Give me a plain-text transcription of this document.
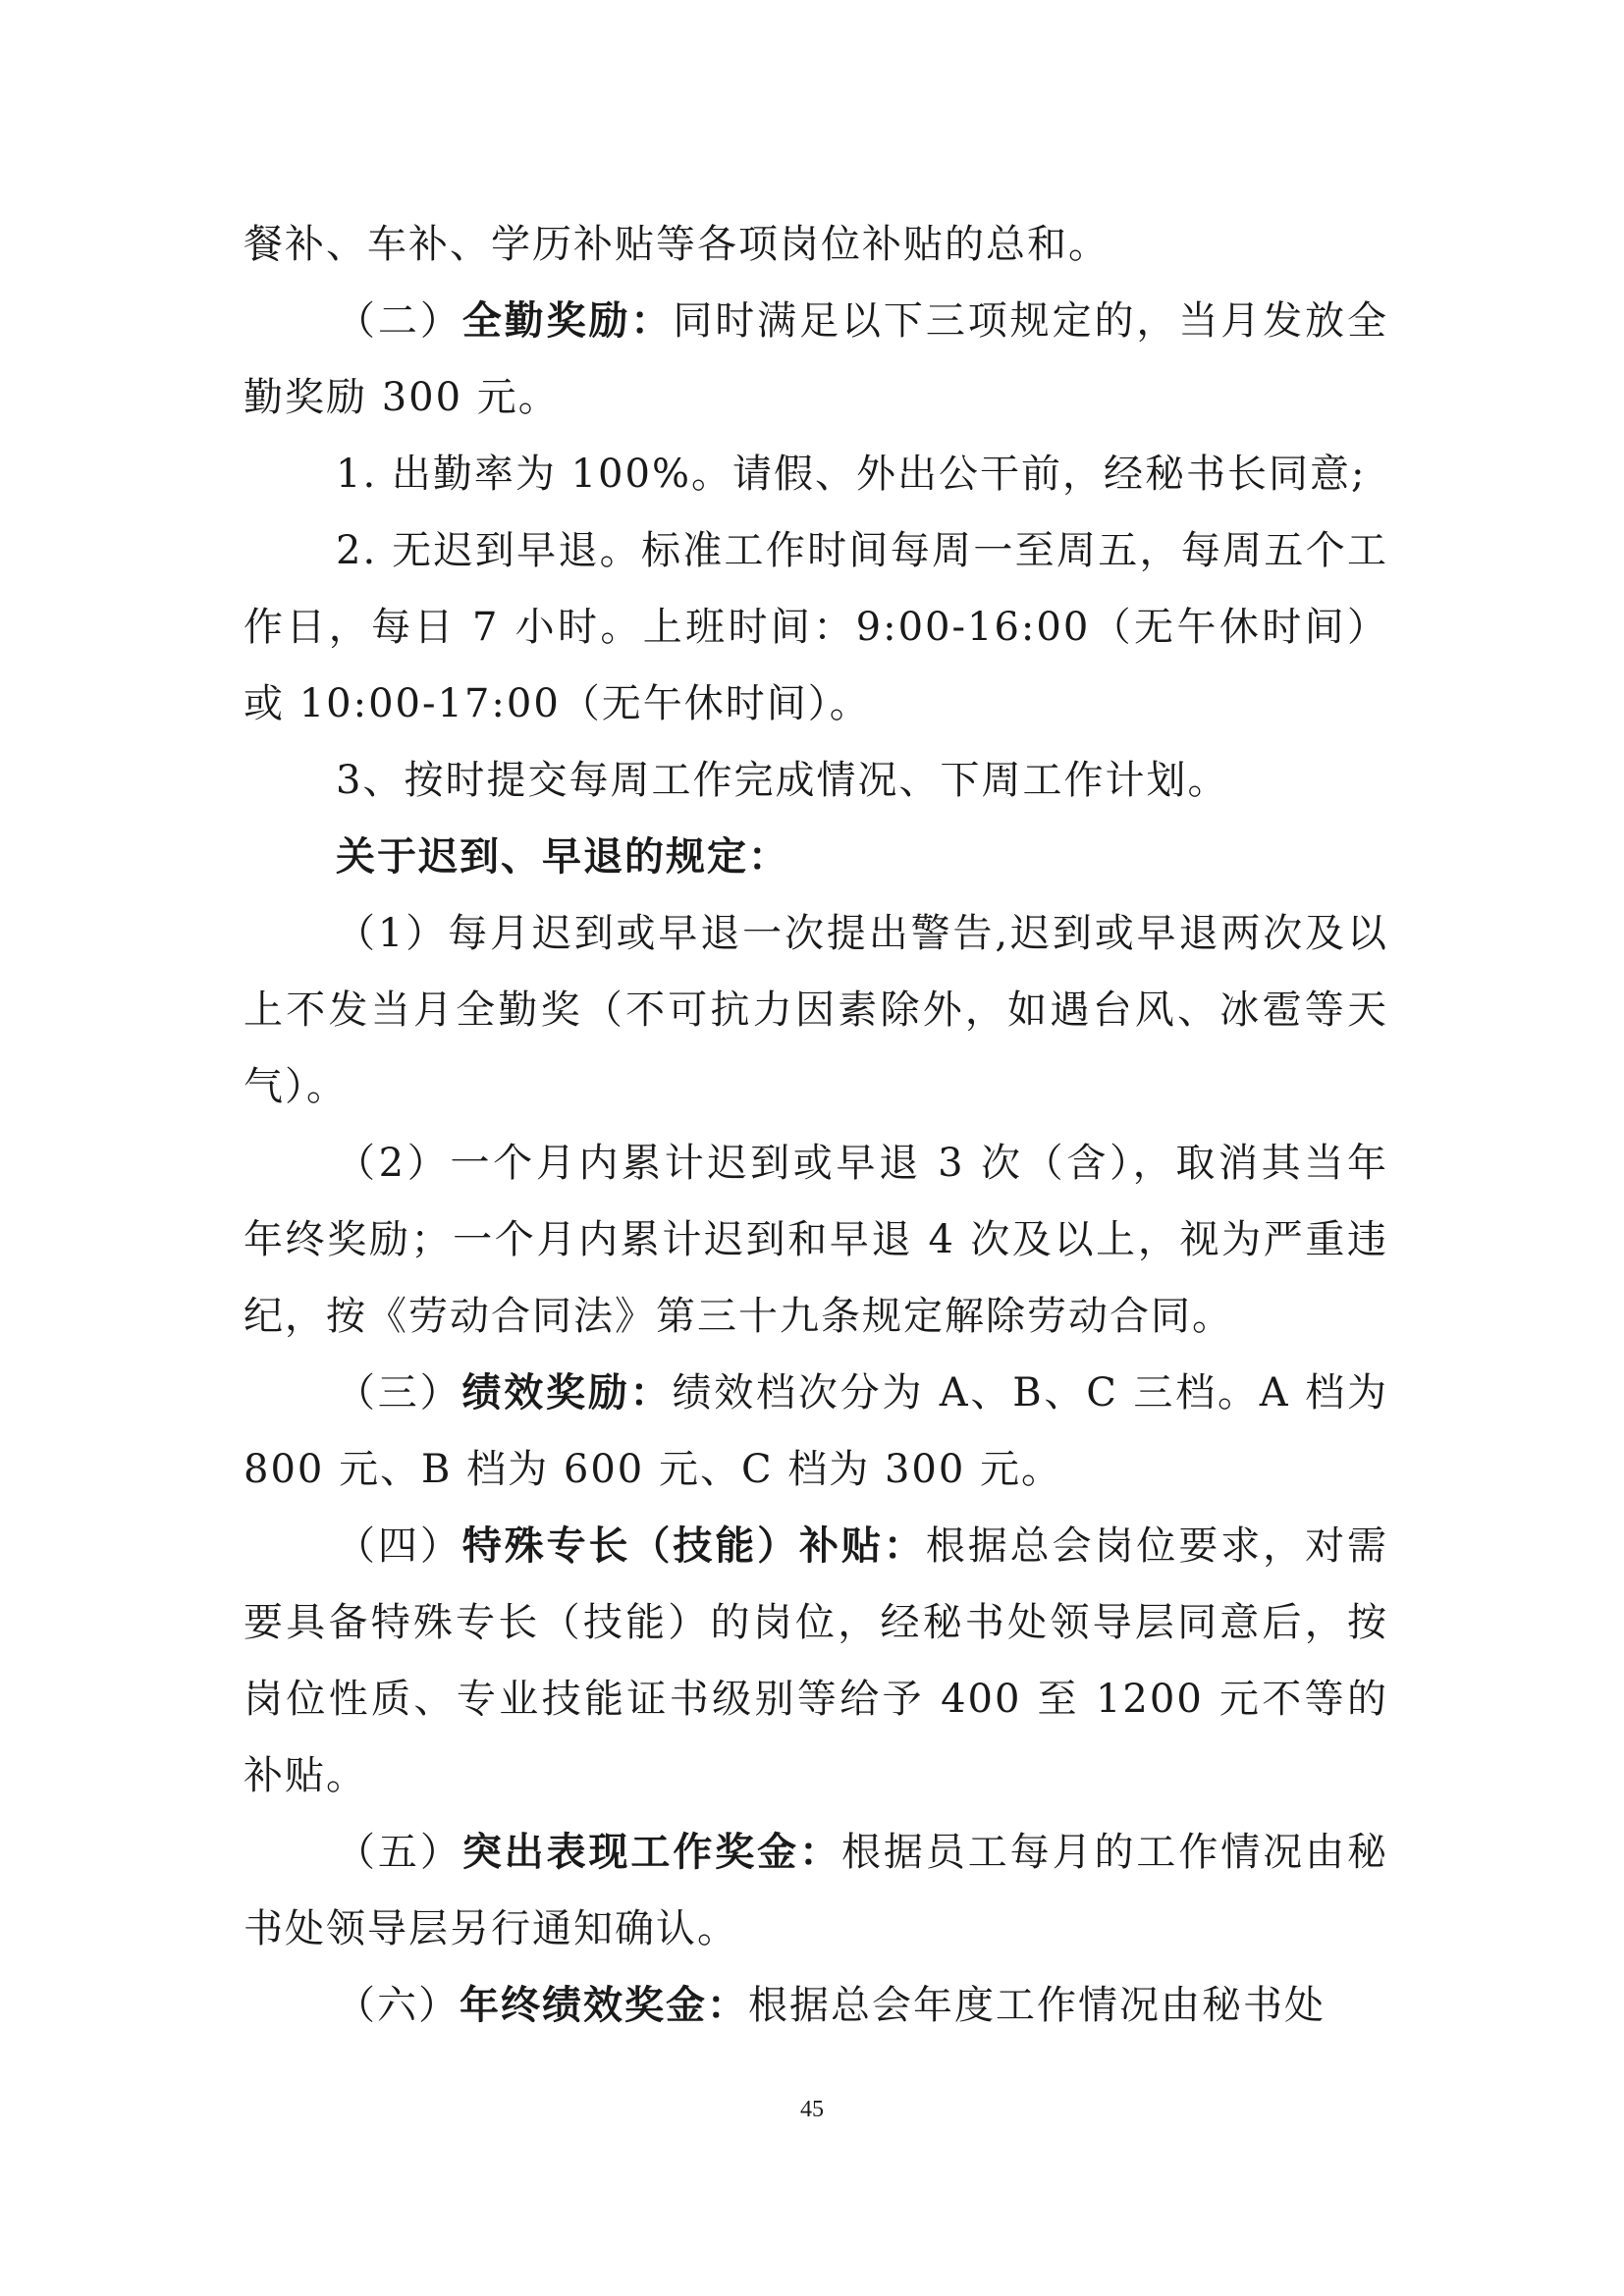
餐补、车补、学历补贴等各项岗位补贴的总和。

（二）全勤奖励：同时满足以下三项规定的，当月发放全勤奖励 300 元。

1. 出勤率为 100%。请假、外出公干前，经秘书长同意;

2. 无迟到早退。标准工作时间每周一至周五，每周五个工作日，每日 7 小时。上班时间：9:00-16:00（无午休时间）或 10:00-17:00（无午休时间）。

3、按时提交每周工作完成情况、下周工作计划。

关于迟到、早退的规定：

（1）每月迟到或早退一次提出警告,迟到或早退两次及以上不发当月全勤奖（不可抗力因素除外，如遇台风、冰雹等天气）。

（2）一个月内累计迟到或早退 3 次（含），取消其当年年终奖励；一个月内累计迟到和早退 4 次及以上，视为严重违纪，按《劳动合同法》第三十九条规定解除劳动合同。

（三）绩效奖励：绩效档次分为 A、B、C 三档。A 档为 800 元、B 档为 600 元、C 档为 300 元。

（四）特殊专长（技能）补贴：根据总会岗位要求，对需要具备特殊专长（技能）的岗位，经秘书处领导层同意后，按岗位性质、专业技能证书级别等给予 400 至 1200 元不等的补贴。

（五）突出表现工作奖金：根据员工每月的工作情况由秘书处领导层另行通知确认。

（六）年终绩效奖金：根据总会年度工作情况由秘书处

45
